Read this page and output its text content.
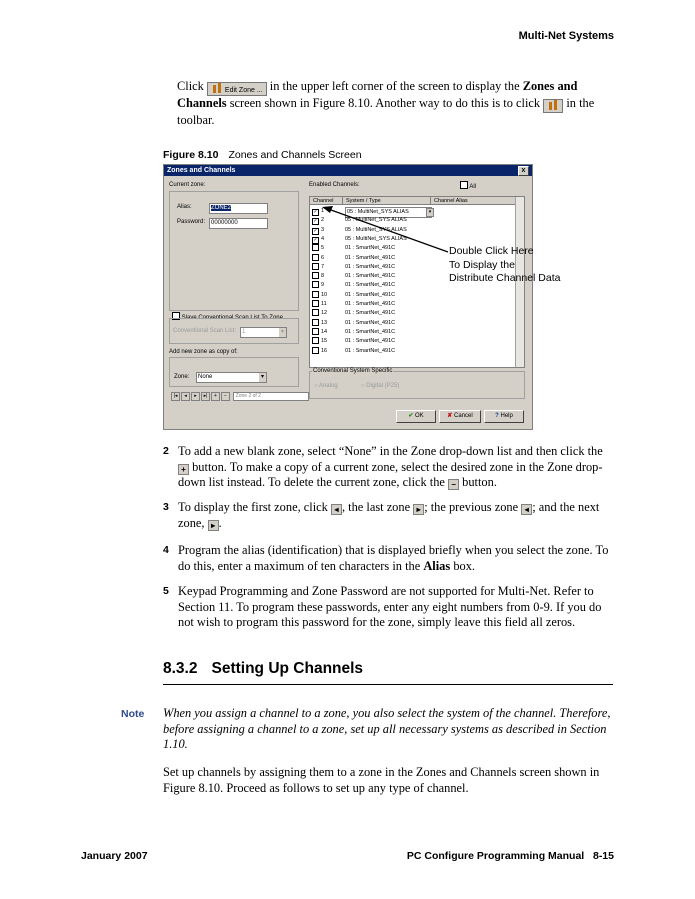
Multi-Net Systems
Click	Edit Zone ... in the upper left corner of the screen to display the Zones and Channels screen shown in Figure 8.10. Another way to do this is to click in the toolbar.
Figure 8.10 Zones and Channels Screen
Zones and Channels	x
Current zone:
Alias:	ZONE2
Password: 00000000
Slave Conventional Scan List To Zone
Conventional Scan List: 1	▾
Add new zone as copy of:
Zone:	None	▾
|◂ ◂ ▸ ▸| + − Zone 2 of 2
Enabled Channels:	All
Channel	System / Type	Channel Alias
✓ 1	05 : MultiNet_SYS ALIAS	▾
✓ 2	05 : MultiNet_SYS ALIAS
✓ 3	05 : MultiNet_SYS ALIAS
✓ 4	05 : MultiNet_SYS ALIAS
5	01 : SmartNet_491C
6	01 : SmartNet_491C
7	01 : SmartNet_491C
8	01 : SmartNet_491C
9	01 : SmartNet_491C
10	01 : SmartNet_491C
11	01 : SmartNet_491C
12	01 : SmartNet_491C
13	01 : SmartNet_491C
14	01 : SmartNet_491C
15	01 : SmartNet_491C
16	01 : SmartNet_491C
Conventional System Specific
○ Analog	○ Digital (P25)
✔ OK	✘ Cancel	? Help
Double Click Here
To Display the
Distribute Channel Data
2 To add a new blank zone, select “None” in the Zone drop-down list and then click the + button. To make a copy of a current zone, select the desired zone in the Zone drop-down list instead. To delete the current zone, click the − button.
3 To display the first zone, click ◂ , the last zone ▸ ; the previous zone ◂ ; and the next zone, ▸ .
4 Program the alias (identification) that is displayed briefly when you select the zone. To do this, enter a maximum of ten characters in the Alias box.
5 Keypad Programming and Zone Password are not supported for Multi-Net. Refer to Section 11. To program these passwords, enter any eight numbers from 0-9. If you do not wish to program this password for the zone, simply leave this field all zeros.
8.3.2 Setting Up Channels
Note When you assign a channel to a zone, you also select the system of the channel. Therefore, before assigning a channel to a zone, set up all necessary systems as described in Section 1.10.
Set up channels by assigning them to a zone in the Zones and Channels screen shown in Figure 8.10. Proceed as follows to set up any type of channel.
January 2007	PC Configure Programming Manual   8-15
